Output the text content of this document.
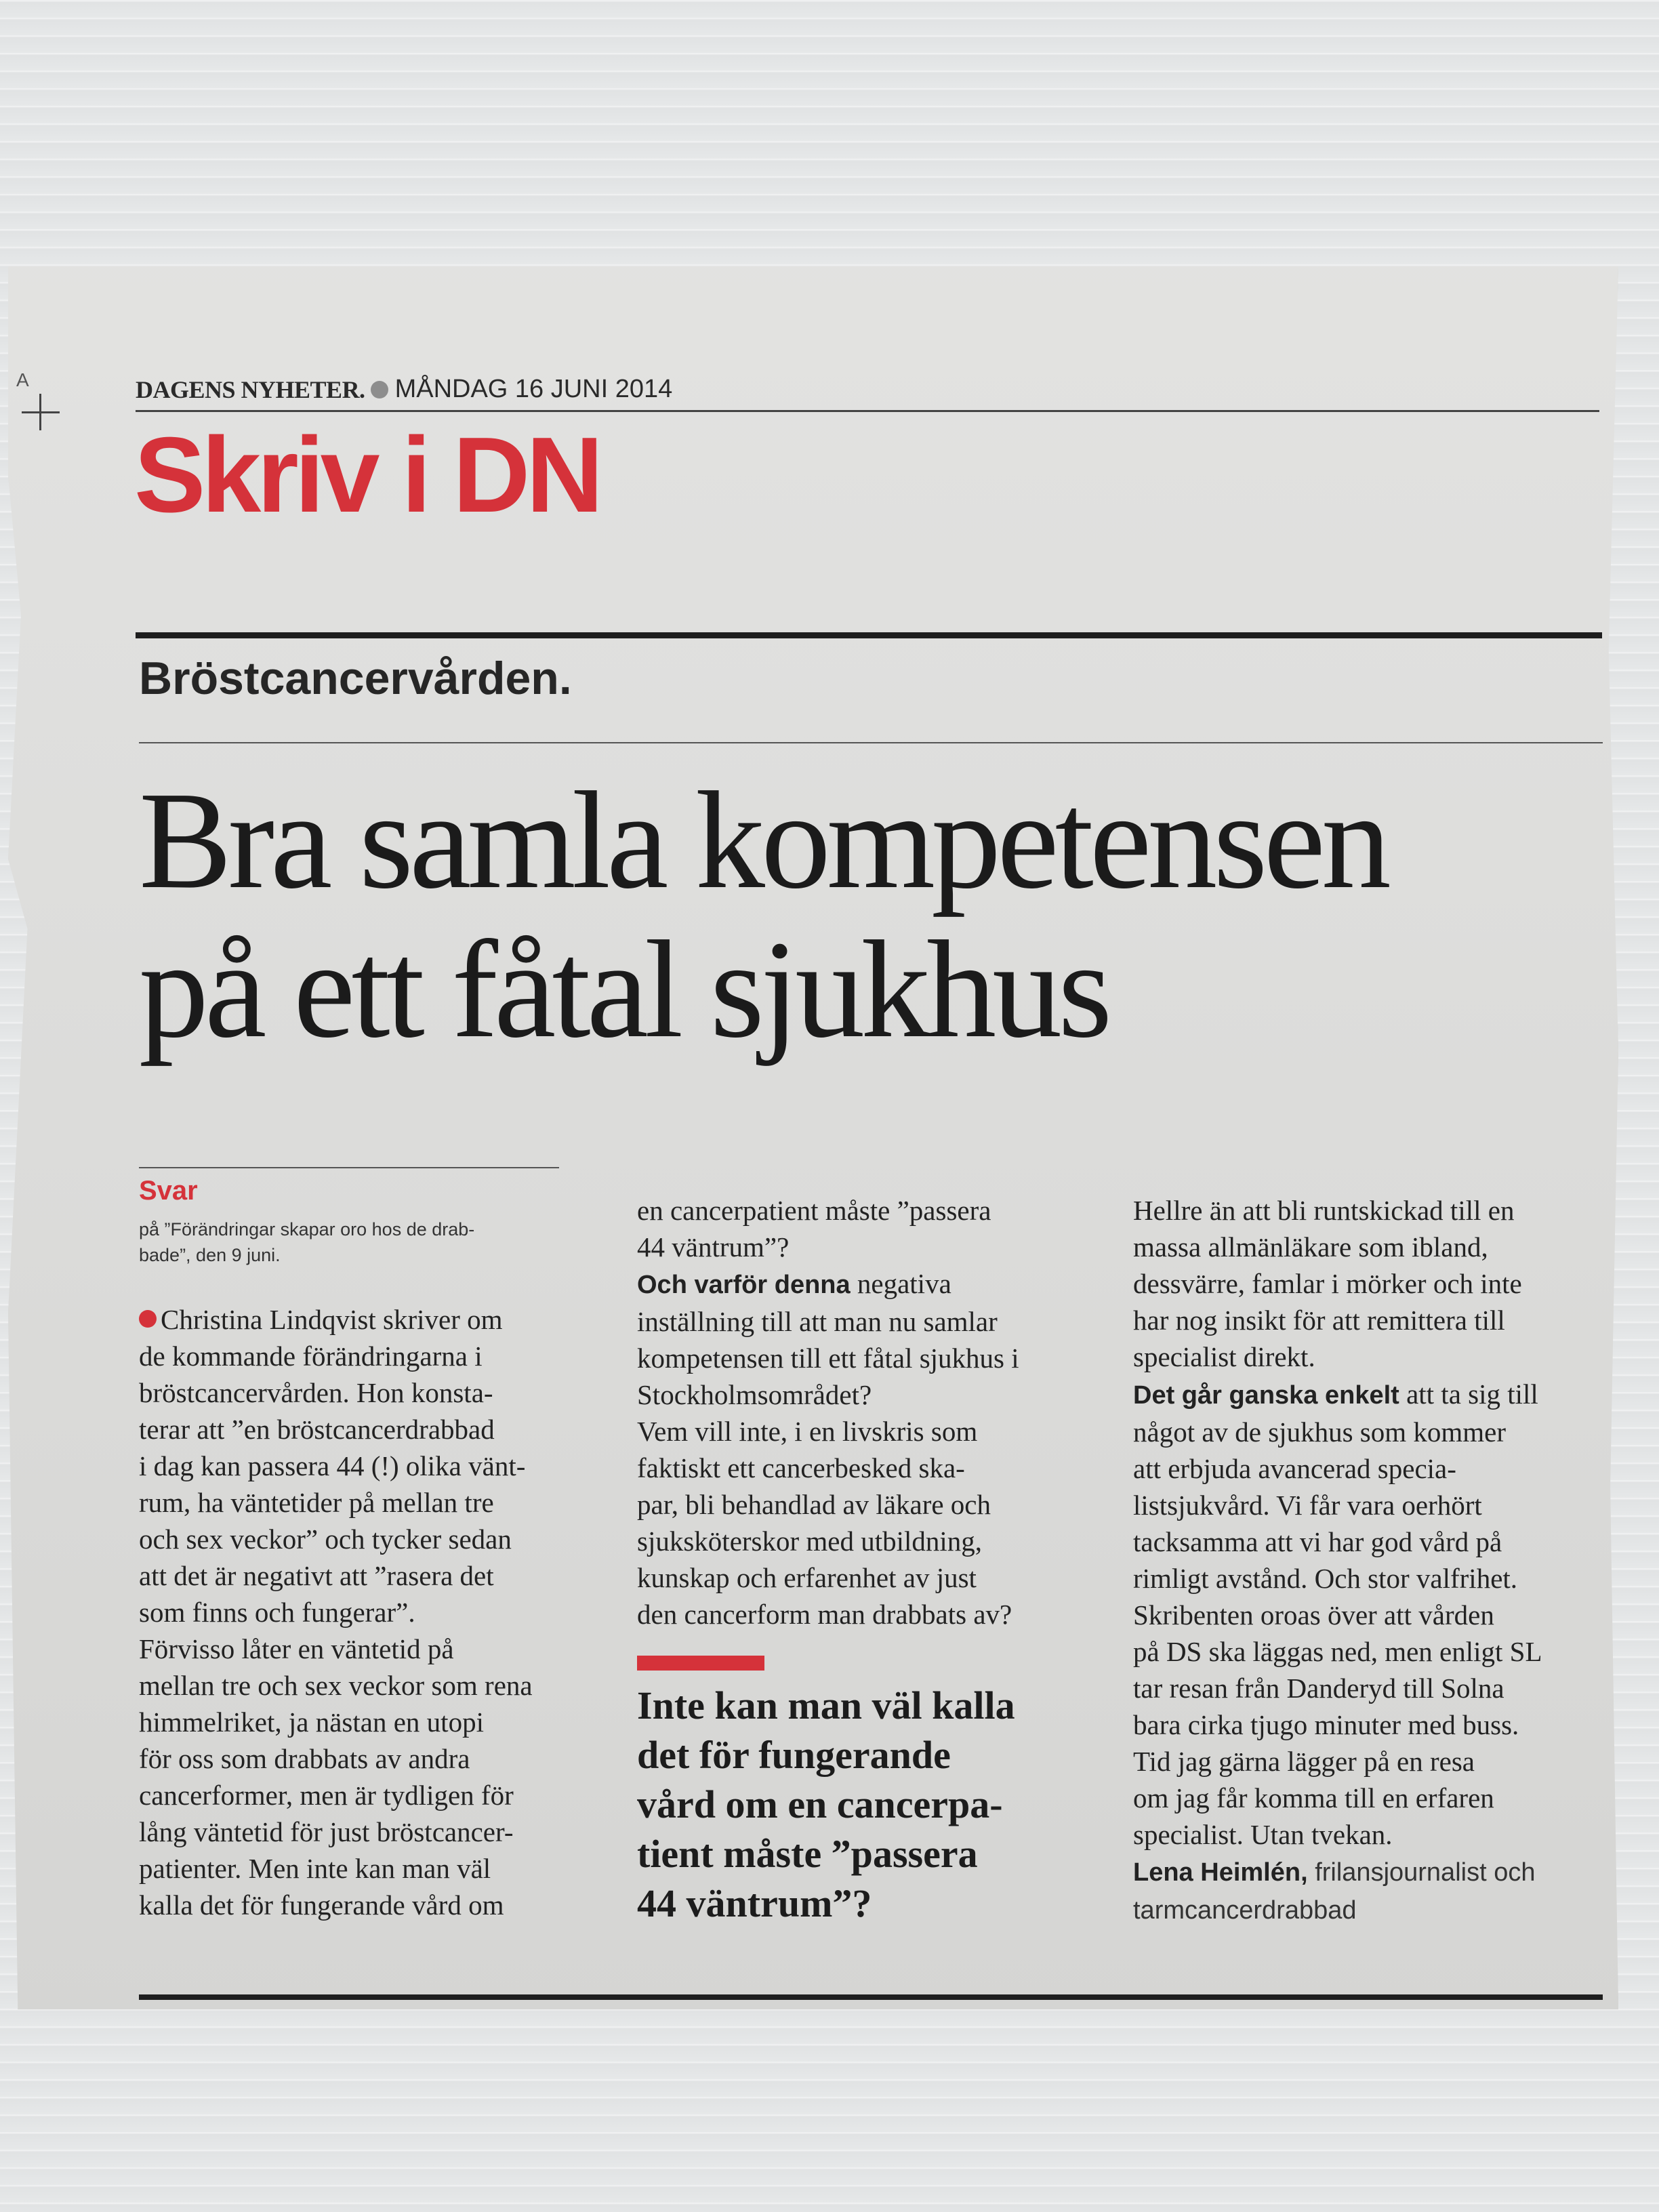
A	DAGENS NYHETER. MÅNDAG 16 JUNI 2014
Skriv i DN
Bröstcancervården.
Bra samla kompetensen
på ett fåtal sjukhus
Svar
på ”Förändringar skapar oro hos de drab-
bade”, den 9 juni.
Christina Lindqvist skriver om
de kommande förändringarna i
bröstcancervården. Hon konsta-
terar att ”en bröstcancerdrabbad
i dag kan passera 44 (!) olika vänt-
rum, ha väntetider på mellan tre
och sex veckor” och tycker sedan
att det är negativt att ”rasera det
som finns och fungerar”.
Förvisso låter en väntetid på
mellan tre och sex veckor som rena
himmelriket, ja nästan en utopi
för oss som drabbats av andra
cancerformer, men är tydligen för
lång väntetid för just bröstcancer-
patienter. Men inte kan man väl
kalla det för fungerande vård om

en cancerpatient måste ”passera
44 väntrum”?

Och varför denna negativa
inställning till att man nu samlar
kompetensen till ett fåtal sjukhus i
Stockholmsområdet?
Vem vill inte, i en livskris som
faktiskt ett cancerbesked ska-
par, bli behandlad av läkare och
sjuksköterskor med utbildning,
kunskap och erfarenhet av just
den cancerform man drabbats av?
Inte kan man väl kalla
det för fungerande
vård om en cancerpa-
tient måste ”passera
44 väntrum”?

Hellre än att bli runtskickad till en
massa allmänläkare som ibland,
dessvärre, famlar i mörker och inte
har nog insikt för att remittera till
specialist direkt.

Det går ganska enkelt att ta sig till
något av de sjukhus som kommer
att erbjuda avancerad specia-
listsjukvård. Vi får vara oerhört
tacksamma att vi har god vård på
rimligt avstånd. Och stor valfrihet.
Skribenten oroas över att vården
på DS ska läggas ned, men enligt SL
tar resan från Danderyd till Solna
bara cirka tjugo minuter med buss.
Tid jag gärna lägger på en resa
om jag får komma till en erfaren
specialist. Utan tvekan.
Lena Heimlén, frilansjournalist och
tarmcancerdrabbad
